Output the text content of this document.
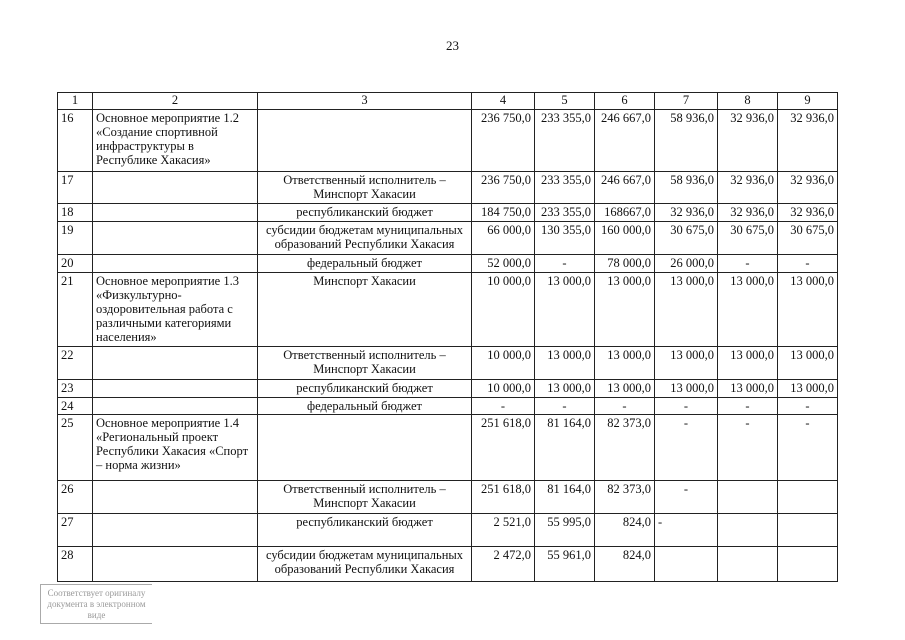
23
1	2	3	4	5	6	7	8	9
16	Основное мероприятие 1.2 «Создание спортивной инфраструктуры в Республике Хакасия»		236 750,0	233 355,0	246 667,0	58 936,0	32 936,0	32 936,0
17		Ответственный исполнитель – Минспорт Хакасии	236 750,0	233 355,0	246 667,0	58 936,0	32 936,0	32 936,0
18		республиканский бюджет	184 750,0	233 355,0	168667,0	32 936,0	32 936,0	32 936,0
19		субсидии бюджетам муниципальных образований Республики Хакасия	66 000,0	130 355,0	160 000,0	30 675,0	30 675,0	30 675,0
20		федеральный бюджет	52 000,0	-	78 000,0	26 000,0	-	-
21	Основное мероприятие 1.3 «Физкультурно-оздоровительная работа с различными категориями населения»	Минспорт Хакасии	10 000,0	13 000,0	13 000,0	13 000,0	13 000,0	13 000,0
22		Ответственный исполнитель – Минспорт Хакасии	10 000,0	13 000,0	13 000,0	13 000,0	13 000,0	13 000,0
23		республиканский бюджет	10 000,0	13 000,0	13 000,0	13 000,0	13 000,0	13 000,0
24		федеральный бюджет	-	-	-	-	-	-
25	Основное мероприятие 1.4 «Региональный проект Республики Хакасия «Спорт – норма жизни»		251 618,0	81 164,0	82 373,0	-	-	-
26		Ответственный исполнитель – Минспорт Хакасии	251 618,0	81 164,0	82 373,0	-		
27		республиканский бюджет	2 521,0	55 995,0	824,0	-		
28		субсидии бюджетам муниципальных образований Республики Хакасия	2 472,0	55 961,0	824,0			
Соответствует оригиналу
документа в электронном
виде
